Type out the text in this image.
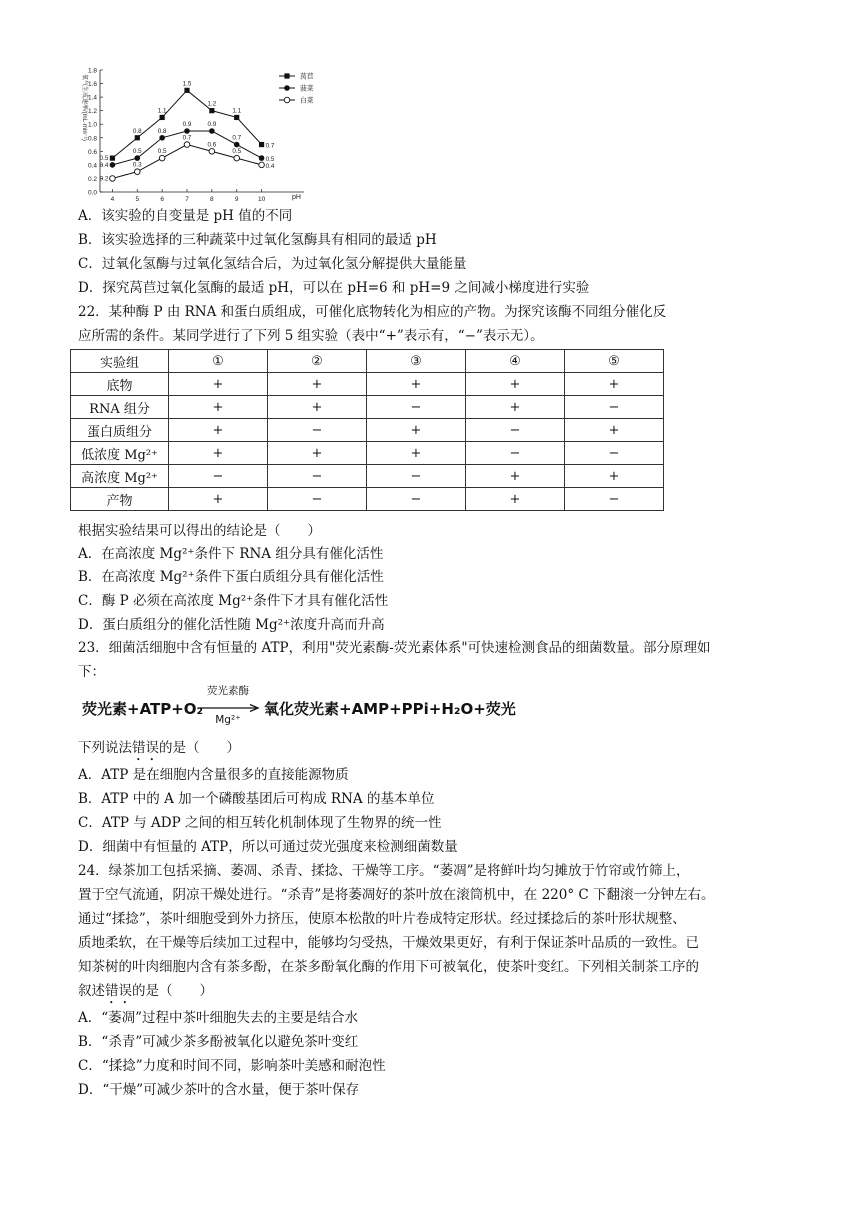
0.0
0.2
0.4
0.6
0.8
1.0
1.2
1.4
1.6
1.8
4	5	6	7	8	9	10	pH
氧气生成速率/(mL·min⁻¹)
0.5
0.8
1.1
1.5
1.2
1.1
0.7
0.4
0.5
0.8
0.9	0.9
0.7
0.5
0.2
0.3
0.5
0.7
0.6
0.5
0.4
莴苣
菠菜
白菜
A．该实验的自变量是 pH 值的不同
B．该实验选择的三种蔬菜中过氧化氢酶具有相同的最适 pH
C．过氧化氢酶与过氧化氢结合后，为过氧化氢分解提供大量能量
D．探究莴苣过氧化氢酶的最适 pH，可以在 pH=6 和 pH=9 之间减小梯度进行实验
22．某种酶 P 由 RNA 和蛋白质组成，可催化底物转化为相应的产物。为探究该酶不同组分催化反
应所需的条件。某同学进行了下列 5 组实验（表中“+”表示有，“−”表示无）。
实验组	①	②	③	④	⑤
底物	+	+	+	+	+
RNA 组分	+	+	−	+	−
蛋白质组分	+	−	+	−	+
低浓度 Mg²⁺	+	+	+	−	−
高浓度 Mg²⁺	−	−	−	+	+
产物	+	−	−	+	−
根据实验结果可以得出的结论是（　　）
A．在高浓度 Mg²⁺条件下 RNA 组分具有催化活性
B．在高浓度 Mg²⁺条件下蛋白质组分具有催化活性
C．酶 P 必须在高浓度 Mg²⁺条件下才具有催化活性
D．蛋白质组分的催化活性随 Mg²⁺浓度升高而升高
23．细菌活细胞中含有恒量的 ATP，利用"荧光素酶-荧光素体系"可快速检测食品的细菌数量。部分原理如
下：
荧光素+ATP+O₂
荧光素酶
Mg²⁺
氧化荧光素+AMP+PPi+H₂O+荧光
下列说法错误的是（　　）
A．ATP 是在细胞内含量很多的直接能源物质
B．ATP 中的 A 加一个磷酸基团后可构成 RNA 的基本单位
C．ATP 与 ADP 之间的相互转化机制体现了生物界的统一性
D．细菌中有恒量的 ATP，所以可通过荧光强度来检测细菌数量
24．绿茶加工包括采摘、萎凋、杀青、揉捻、干燥等工序。“萎凋”是将鲜叶均匀摊放于竹帘或竹筛上，
置于空气流通，阴凉干燥处进行。“杀青”是将萎凋好的茶叶放在滚筒机中，在 220° C 下翻滚一分钟左右。
通过“揉捻”，茶叶细胞受到外力挤压，使原本松散的叶片卷成特定形状。经过揉捻后的茶叶形状规整、
质地柔软，在干燥等后续加工过程中，能够均匀受热，干燥效果更好，有利于保证茶叶品质的一致性。已
知茶树的叶肉细胞内含有茶多酚，在茶多酚氧化酶的作用下可被氧化，使茶叶变红。下列相关制茶工序的
叙述错误的是（　　）
A．“萎凋”过程中茶叶细胞失去的主要是结合水
B．“杀青”可减少茶多酚被氧化以避免茶叶变红
C．“揉捻”力度和时间不同，影响茶叶美感和耐泡性
D．“干燥”可减少茶叶的含水量，便于茶叶保存
